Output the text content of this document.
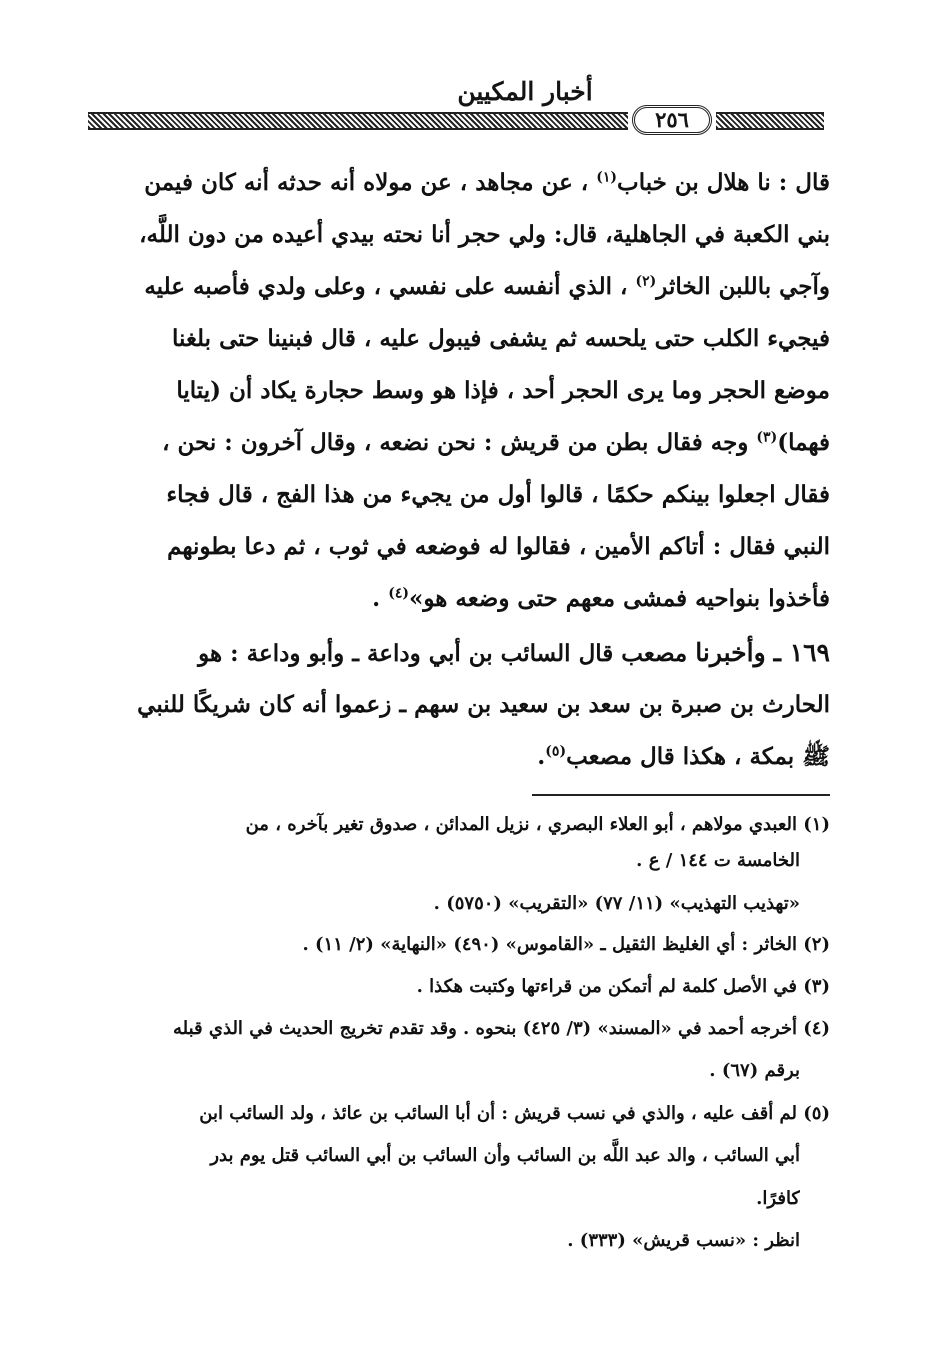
أخبار المكيين
٢٥٦
قال : نا هلال بن خباب$^{(١)}$ ، عن مجاهد ، عن مولاه أنه حدثه أنه كان فيمن
بني الكعبة في الجاهلية، قال: ولي حجر أنا نحته بيدي أعيده من دون اللَّه،
وآجي باللبن الخاثر$^{(٢)}$ ، الذي أنفسه على نفسي ، وعلى ولدي فأصبه عليه
فيجيء الكلب حتى يلحسه ثم يشفى فيبول عليه ، قال فبنينا حتى بلغنا
موضع الحجر وما يرى الحجر أحد ، فإذا هو وسط حجارة يكاد أن (يتايا
فهما)$^{(٣)}$ وجه فقال بطن من قريش : نحن نضعه ، وقال آخرون : نحن ،
فقال اجعلوا بينكم حكمًا ، قالوا أول من يجيء من هذا الفج ، قال فجاء
النبي فقال : أتاكم الأمين ، فقالوا له فوضعه في ثوب ، ثم دعا بطونهم
فأخذوا بنواحيه فمشى معهم حتى وضعه هو»$^{(٤)}$ .
١٦٩ ـ وأخبرنا مصعب قال السائب بن أبي وداعة ـ وأبو وداعة : هو
الحارث بن صبرة بن سعد بن سعيد بن سهم ـ زعموا أنه كان شريكًا للنبي
ﷺ بمكة ، هكذا قال مصعب$^{(٥)}$.
(١) العبدي مولاهم ، أبو العلاء البصري ، نزيل المدائن ، صدوق تغير بآخره ، من
الخامسة ت ١٤٤ / ع .
«تهذيب التهذيب» (١١/ ٧٧) «التقريب» (٥٧٥٠) .
(٢) الخاثر : أي الغليظ الثقيل ـ «القاموس» (٤٩٠) «النهاية» (٢/ ١١) .
(٣) في الأصل كلمة لم أتمكن من قراءتها وكتبت هكذا .
(٤) أخرجه أحمد في «المسند» (٣/ ٤٢٥) بنحوه . وقد تقدم تخريج الحديث في الذي قبله
برقم (٦٧) .
(٥) لم أقف عليه ، والذي في نسب قريش : أن أبا السائب بن عائذ ، ولد السائب ابن
أبي السائب ، والد عبد اللَّه بن السائب وأن السائب بن أبي السائب قتل يوم بدر
كافرًا.
انظر : «نسب قريش» (٣٣٣) .
